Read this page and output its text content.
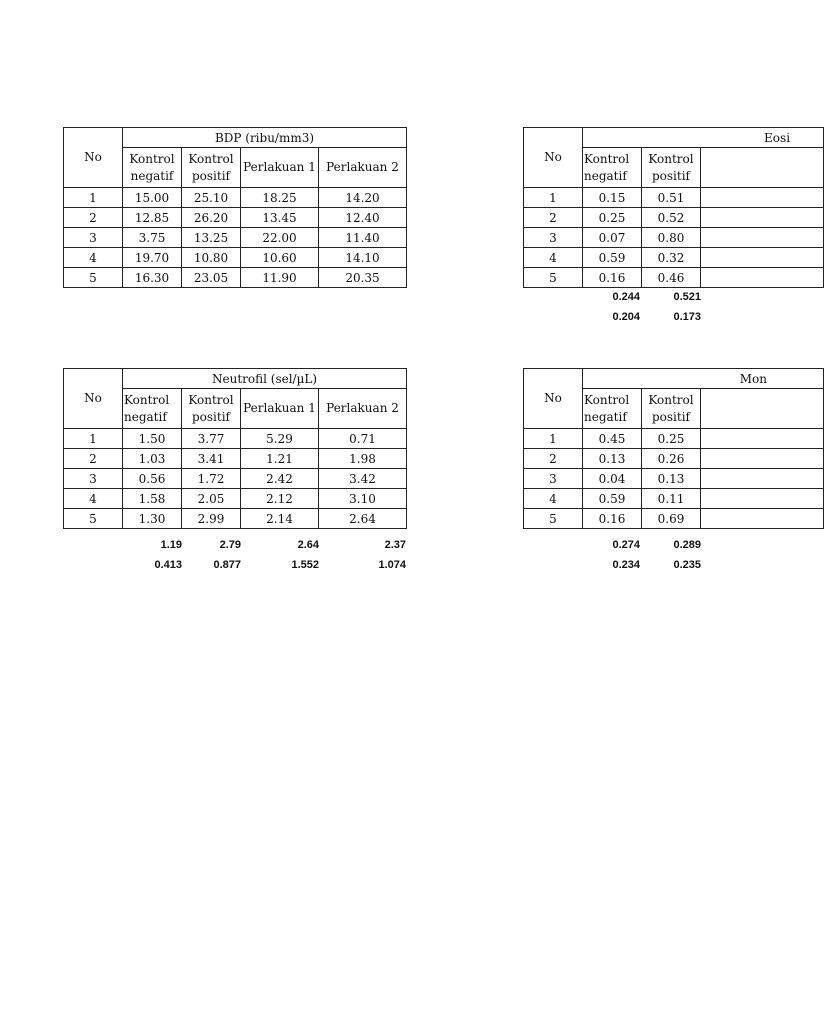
No	BDP (ribu/mm3)			
	Kontrol negatif	Kontrol positif	Perlakuan 1	Perlakuan 2
1	15.00	25.10	18.25	14.20
2	12.85	26.20	13.45	12.40
3	3.75	13.25	22.00	11.40
4	19.70	10.80	10.60	14.10
5	16.30	23.05	11.90	20.35
No	Eosi		
	Kontrol negatif	Kontrol positif	
1	0.15	0.51	
2	0.25	0.52	
3	0.07	0.80	
4	0.59	0.32	
5	0.16	0.46	
0.244	0.521
0.204	0.173
No	Neutrofil (sel/µL)			
	Kontrol negatif	Kontrol positif	Perlakuan 1	Perlakuan 2
1	1.50	3.77	5.29	0.71
2	1.03	3.41	1.21	1.98
3	0.56	1.72	2.42	3.42
4	1.58	2.05	2.12	3.10
5	1.30	2.99	2.14	2.64
1.19	2.79	2.64	2.37
0.413	0.877	1.552	1.074
No	Mon		
	Kontrol negatif	Kontrol positif	
1	0.45	0.25	
2	0.13	0.26	
3	0.04	0.13	
4	0.59	0.11	
5	0.16	0.69	
0.274	0.289
0.234	0.235
